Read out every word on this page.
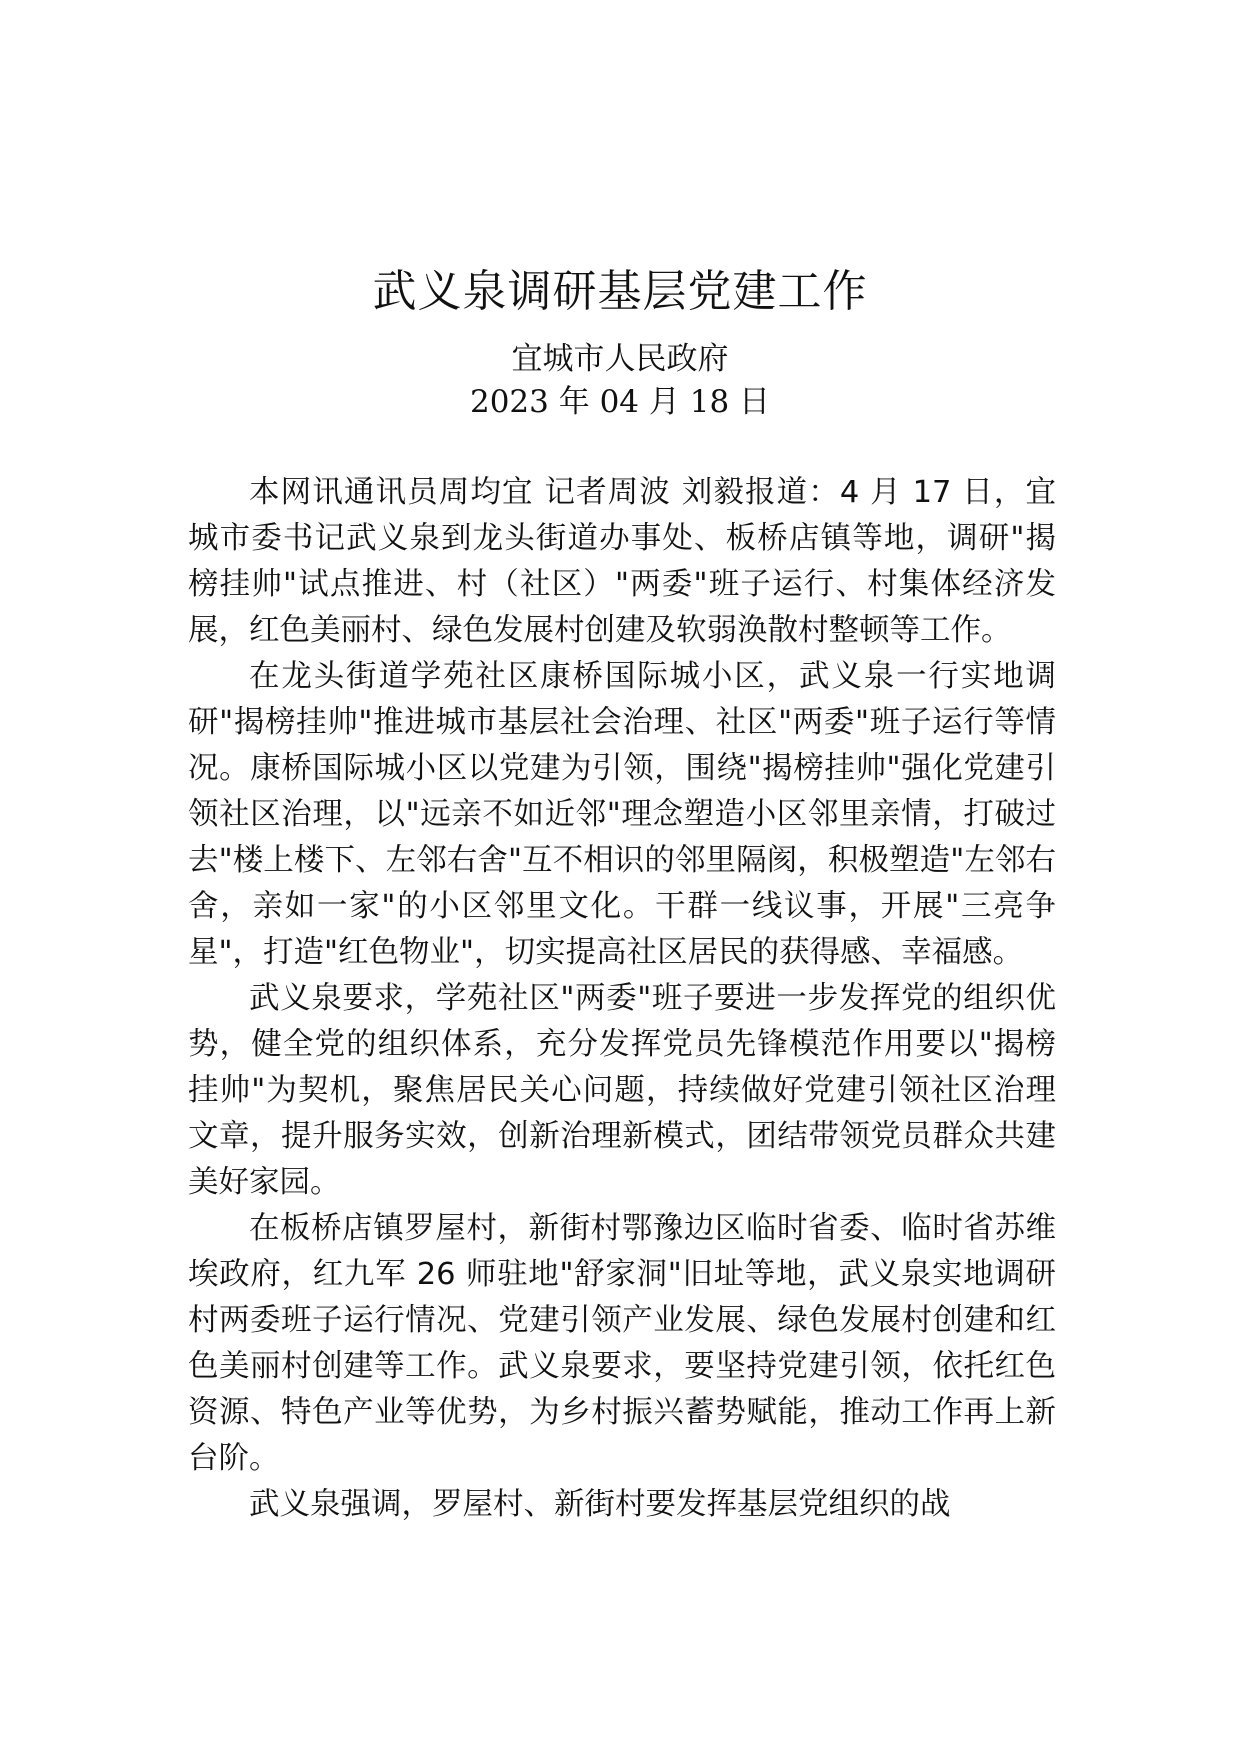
武义泉调研基层党建工作
宜城市人民政府
2023 年 04 月 18 日

本网讯通讯员周均宜 记者周波 刘毅报道：4 月 17 日，宜城市委书记武义泉到龙头街道办事处、板桥店镇等地，调研"揭榜挂帅"试点推进、村（社区）"两委"班子运行、村集体经济发展，红色美丽村、绿色发展村创建及软弱涣散村整顿等工作。

在龙头街道学苑社区康桥国际城小区，武义泉一行实地调研"揭榜挂帅"推进城市基层社会治理、社区"两委"班子运行等情况。康桥国际城小区以党建为引领，围绕"揭榜挂帅"强化党建引领社区治理，以"远亲不如近邻"理念塑造小区邻里亲情，打破过去"楼上楼下、左邻右舍"互不相识的邻里隔阂，积极塑造"左邻右舍，亲如一家"的小区邻里文化。干群一线议事，开展"三亮争星"，打造"红色物业"，切实提高社区居民的获得感、幸福感。

武义泉要求，学苑社区"两委"班子要进一步发挥党的组织优势，健全党的组织体系，充分发挥党员先锋模范作用要以"揭榜挂帅"为契机，聚焦居民关心问题，持续做好党建引领社区治理文章，提升服务实效，创新治理新模式，团结带领党员群众共建美好家园。

在板桥店镇罗屋村，新街村鄂豫边区临时省委、临时省苏维埃政府，红九军 26 师驻地"舒家洞"旧址等地，武义泉实地调研村两委班子运行情况、党建引领产业发展、绿色发展村创建和红色美丽村创建等工作。武义泉要求，要坚持党建引领，依托红色资源、特色产业等优势，为乡村振兴蓄势赋能，推动工作再上新台阶。

武义泉强调，罗屋村、新街村要发挥基层党组织的战
